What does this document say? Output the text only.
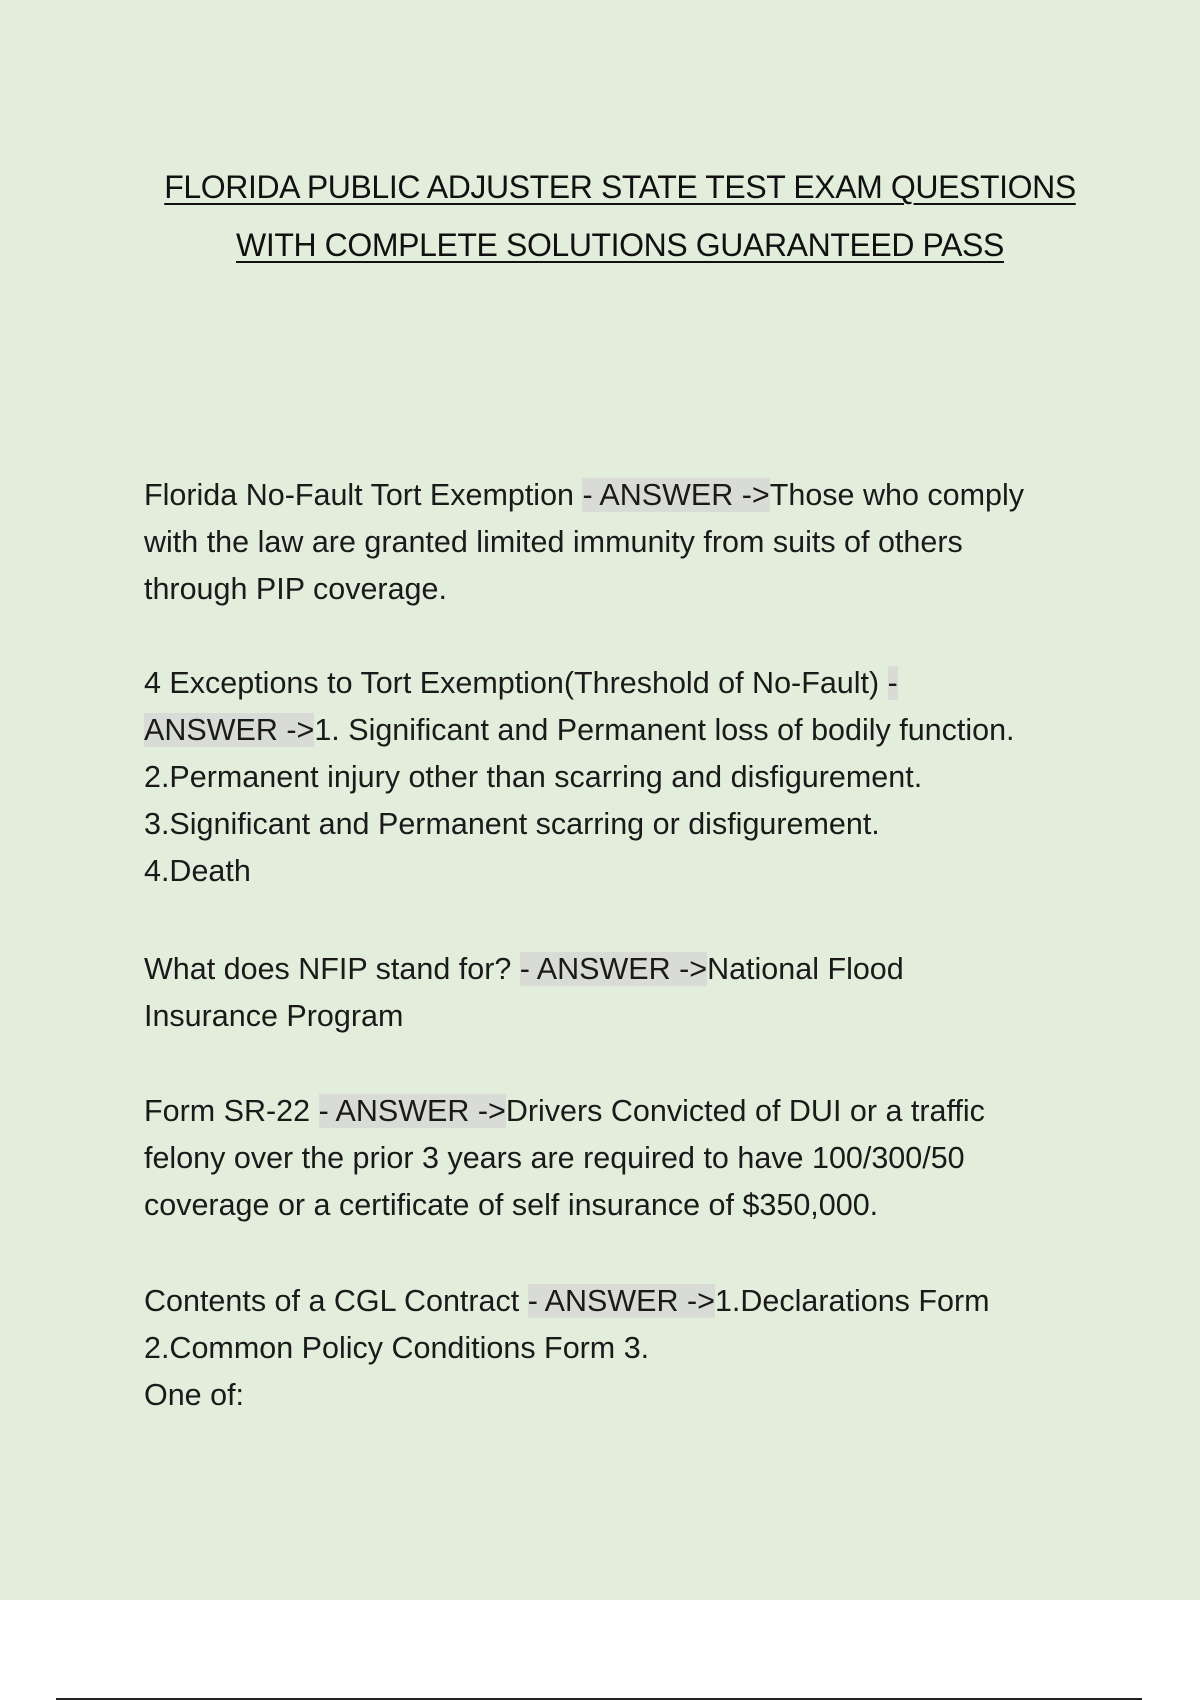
FLORIDA PUBLIC ADJUSTER STATE TEST EXAM QUESTIONS
WITH COMPLETE SOLUTIONS GUARANTEED PASS
Florida No-Fault Tort Exemption - ANSWER ->Those who comply
with the law are granted limited immunity from suits of others
through PIP coverage.
4 Exceptions to Tort Exemption(Threshold of No-Fault) -
ANSWER ->1. Significant and Permanent loss of bodily function.
2.Permanent injury other than scarring and disfigurement.
3.Significant and Permanent scarring or disfigurement.
4.Death
What does NFIP stand for? - ANSWER ->National Flood
Insurance Program
Form SR-22 - ANSWER ->Drivers Convicted of DUI or a traffic
felony over the prior 3 years are required to have 100/300/50
coverage or a certificate of self insurance of $350,000.
Contents of a CGL Contract - ANSWER ->1.Declarations Form
2.Common Policy Conditions Form 3.
One of:
